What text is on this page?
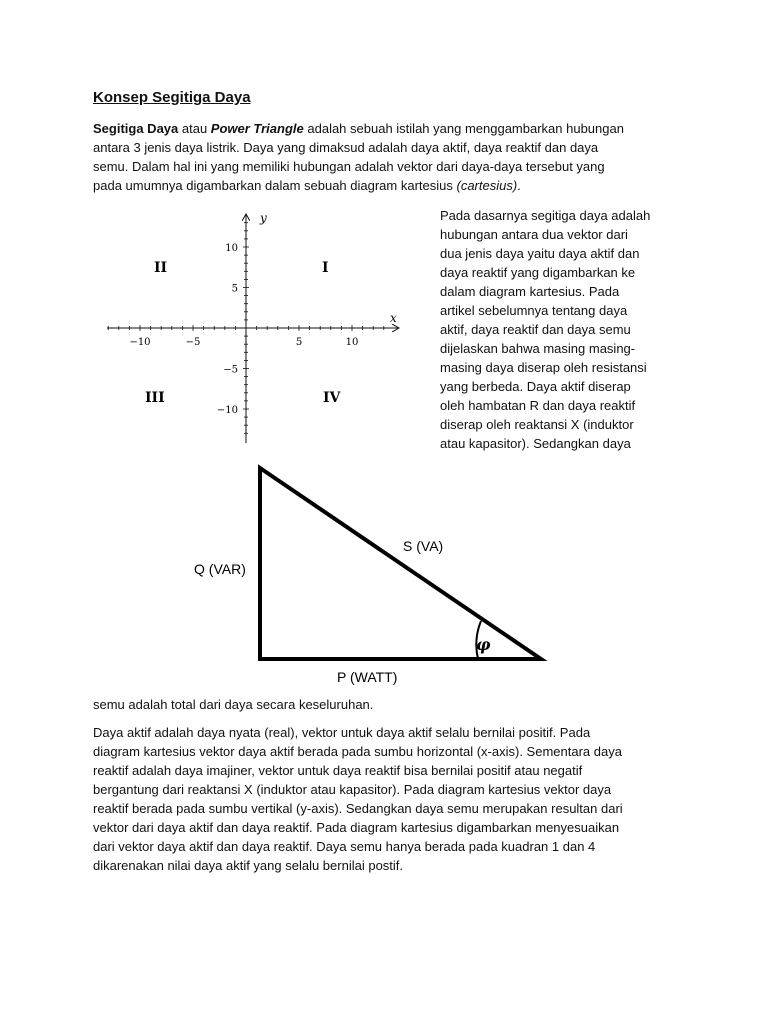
Konsep Segitiga Daya
Segitiga Daya atau Power Triangle adalah sebuah istilah yang menggambarkan hubungan
antara 3 jenis daya listrik. Daya yang dimaksud adalah daya aktif, daya reaktif dan daya
semu. Dalam hal ini yang memiliki hubungan adalah vektor dari daya-daya tersebut yang
pada umumnya digambarkan dalam sebuah diagram kartesius (cartesius).
−10	−5	5	10
10
5
−5
−10
x
y
I
II
III	IV
Pada dasarnya segitiga daya adalah
hubungan antara dua vektor dari
dua jenis daya yaitu daya aktif dan
daya reaktif yang digambarkan ke
dalam diagram kartesius. Pada
artikel sebelumnya tentang daya
aktif, daya reaktif dan daya semu
dijelaskan bahwa masing masing-
masing daya diserap oleh resistansi
yang berbeda. Daya aktif diserap
oleh hambatan R dan daya reaktif
diserap oleh reaktansi X (induktor
atau kapasitor). Sedangkan daya
S (VA)
Q (VAR)
P (WATT)
φ
semu adalah total dari daya secara keseluruhan.
Daya aktif adalah daya nyata (real), vektor untuk daya aktif selalu bernilai positif. Pada
diagram kartesius vektor daya aktif berada pada sumbu horizontal (x-axis). Sementara daya
reaktif adalah daya imajiner, vektor untuk daya reaktif bisa bernilai positif atau negatif
bergantung dari reaktansi X (induktor atau kapasitor). Pada diagram kartesius vektor daya
reaktif berada pada sumbu vertikal (y-axis). Sedangkan daya semu merupakan resultan dari
vektor dari daya aktif dan daya reaktif. Pada diagram kartesius digambarkan menyesuaikan
dari vektor daya aktif dan daya reaktif. Daya semu hanya berada pada kuadran 1 dan 4
dikarenakan nilai daya aktif yang selalu bernilai postif.
